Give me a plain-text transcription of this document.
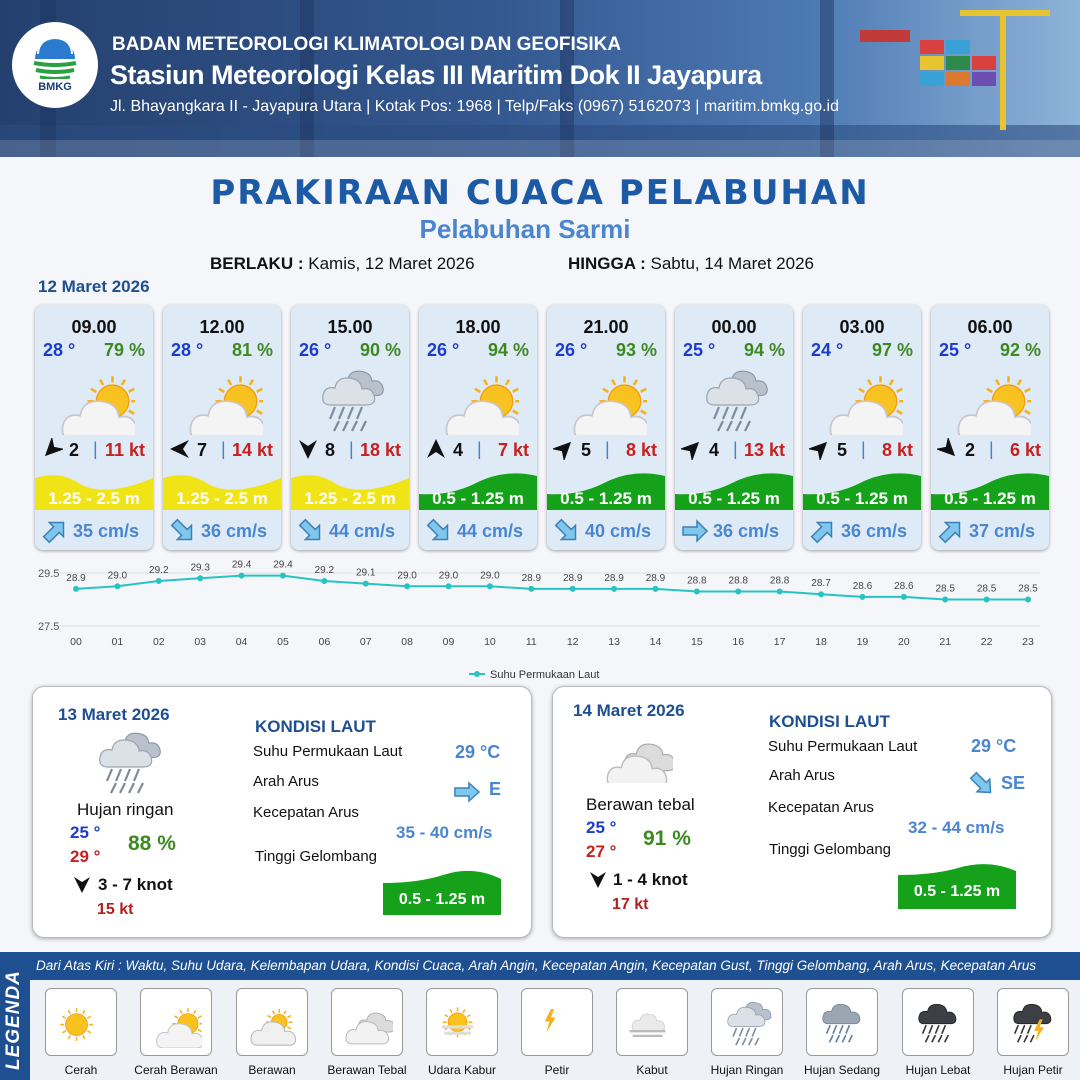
BMKG
BADAN METEOROLOGI KLIMATOLOGI DAN GEOFISIKA
Stasiun Meteorologi Kelas III Maritim Dok II Jayapura
Jl. Bhayangkara II - Jayapura Utara | Kotak Pos: 1968 | Telp/Faks (0967) 5162073 | maritim.bmkg.go.id
PRAKIRAAN CUACA PELABUHAN
Pelabuhan Sarmi
BERLAKU : Kamis, 12 Maret 2026	HINGGA : Sabtu, 14 Maret 2026
12 Maret 2026
09.00
28 ° 79 %
2 | 11 kt
1.25 - 2.5 m
35 cm/s
12.00
28 ° 81 %
7 | 14 kt
1.25 - 2.5 m
36 cm/s
15.00
26 ° 90 %
8 | 18 kt
1.25 - 2.5 m
44 cm/s
18.00
26 ° 94 %
4 | 7 kt
0.5 - 1.25 m
44 cm/s
21.00
26 ° 93 %
5 | 8 kt
0.5 - 1.25 m
40 cm/s
00.00
25 ° 94 %
4 | 13 kt
0.5 - 1.25 m
36 cm/s
03.00
24 ° 97 %
5 | 8 kt
0.5 - 1.25 m
36 cm/s
06.00
25 ° 92 %
2 | 6 kt
0.5 - 1.25 m
37 cm/s
29.5
27.5
28.9
00
29.0
01
29.2
02
29.3
03
29.4
04
29.4
05
29.2
06
29.1
07
29.0
08
29.0
09
29.0
10
28.9
11
28.9
12
28.9
13
28.9
14
28.8
15
28.8
16
28.8
17
28.7
18
28.6
19
28.6
20
28.5
21
28.5
22
28.5
23
Suhu Permukaan Laut
13 Maret 2026
Hujan ringan
25 °
29 °
88 %
3 - 7 knot
15 kt
KONDISI LAUT
Suhu Permukaan Laut	29 °C
Arah Arus	E
Kecepatan Arus
35 - 40 cm/s
Tinggi Gelombang
0.5 - 1.25 m
14 Maret 2026
Berawan tebal
25 °
27 °
91 %
1 - 4 knot
17 kt
KONDISI LAUT
Suhu Permukaan Laut	29 °C
Arah Arus	SE
Kecepatan Arus
32 - 44 cm/s
Tinggi Gelombang
0.5 - 1.25 m
LEGENDA
Dari Atas Kiri : Waktu, Suhu Udara, Kelembapan Udara, Kondisi Cuaca, Arah Angin, Kecepatan Angin, Kecepatan Gust, Tinggi Gelombang, Arah Arus, Kecepatan Arus
Cerah	Cerah Berawan	Berawan	Berawan Tebal	Udara Kabur	Petir	Kabut	Hujan Ringan	Hujan Sedang	Hujan Lebat	Hujan Petir
